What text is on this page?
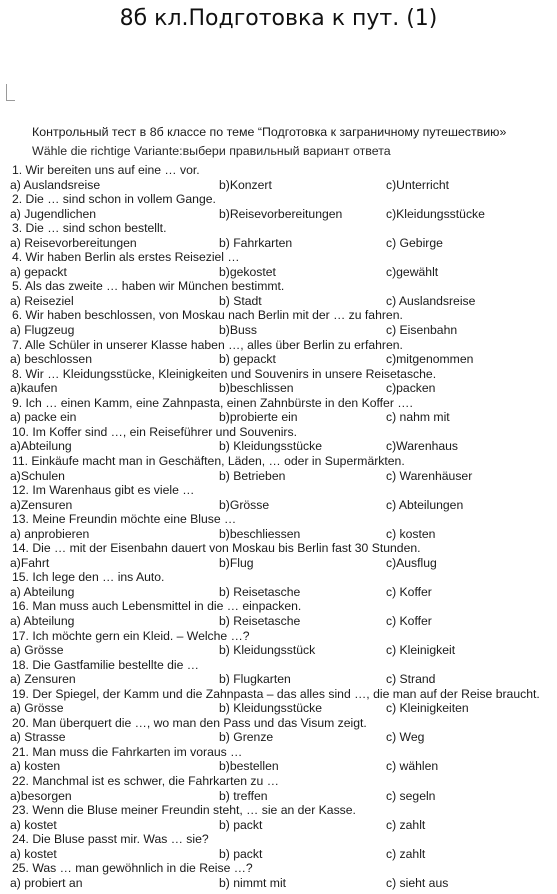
8б кл.Подготовка к пут. (1)
Контрольный тест в 8б классе по теме “Подготовка к заграничному путешествию»
Wähle die richtige Variante:выбери правильный вариант ответа
1. Wir bereiten uns auf eine … vor.
a) Auslandsreise	b)Konzert	c)Unterricht
2. Die … sind schon in vollem Gange.
a) Jugendlichen	b)Reisevorbereitungen	c)Kleidungsstücke
3. Die … sind schon bestellt.
a) Reisevorbereitungen	b) Fahrkarten	c) Gebirge
4. Wir haben Berlin als erstes Reiseziel …
a) gepackt	b)gekostet	c)gewählt
5. Als das zweite … haben wir München bestimmt.
a) Reiseziel	b) Stadt	c) Auslandsreise
6. Wir haben beschlossen, von Moskau nach Berlin mit der … zu fahren.
a) Flugzeug	b)Buss	c) Eisenbahn
7. Alle Schüler in unserer Klasse haben …, alles über Berlin zu erfahren.
a) beschlossen	b) gepackt	c)mitgenommen
8. Wir … Kleidungsstücke, Kleinigkeiten und Souvenirs in unsere Reisetasche.
a)kaufen	b)beschlissen	c)packen
9. Ich … einen Kamm, eine Zahnpasta, einen Zahnbürste in den Koffer ….
a) packe ein	b)probierte ein	c) nahm mit
10. Im Koffer sind …, ein Reiseführer und Souvenirs.
a)Abteilung	b) Kleidungsstücke	c)Warenhaus
11. Einkäufe macht man in Geschäften, Läden, … oder in Supermärkten.
a)Schulen	b) Betrieben	c) Warenhäuser
12. Im Warenhaus gibt es viele …
a)Zensuren	b)Grösse	c) Abteilungen
13. Meine Freundin möchte eine Bluse …
a) anprobieren	b)beschliessen	c) kosten
14. Die … mit der Eisenbahn dauert von Moskau bis Berlin fast 30 Stunden.
a)Fahrt	b)Flug	c)Ausflug
15. Ich lege den … ins Auto.
a) Abteilung	b) Reisetasche	c) Koffer
16. Man muss auch Lebensmittel in die … einpacken.
a) Abteilung	b) Reisetasche	c) Koffer
17. Ich möchte gern ein Kleid. – Welche …?
a) Grösse	b) Kleidungsstück	c) Kleinigkeit
18. Die Gastfamilie bestellte die …
a) Zensuren	b) Flugkarten	c) Strand
19. Der Spiegel, der Kamm und die Zahnpasta – das alles sind …, die man auf der Reise braucht.
a) Grösse	b) Kleidungsstücke	c) Kleinigkeiten
20. Man überquert die …, wo man den Pass und das Visum zeigt.
a) Strasse	b) Grenze	c) Weg
21. Man muss die Fahrkarten im voraus …
a) kosten	b)bestellen	c) wählen
22. Manchmal ist es schwer, die Fahrkarten zu …
a)besorgen	b) treffen	c) segeln
23. Wenn die Bluse meiner Freundin steht, … sie an der Kasse.
a) kostet	b) packt	c) zahlt
24. Die Bluse passt mir. Was … sie?
a) kostet	b) packt	c) zahlt
25. Was … man gewöhnlich in die Reise …?
a) probiert an	b) nimmt mit	c) sieht aus
